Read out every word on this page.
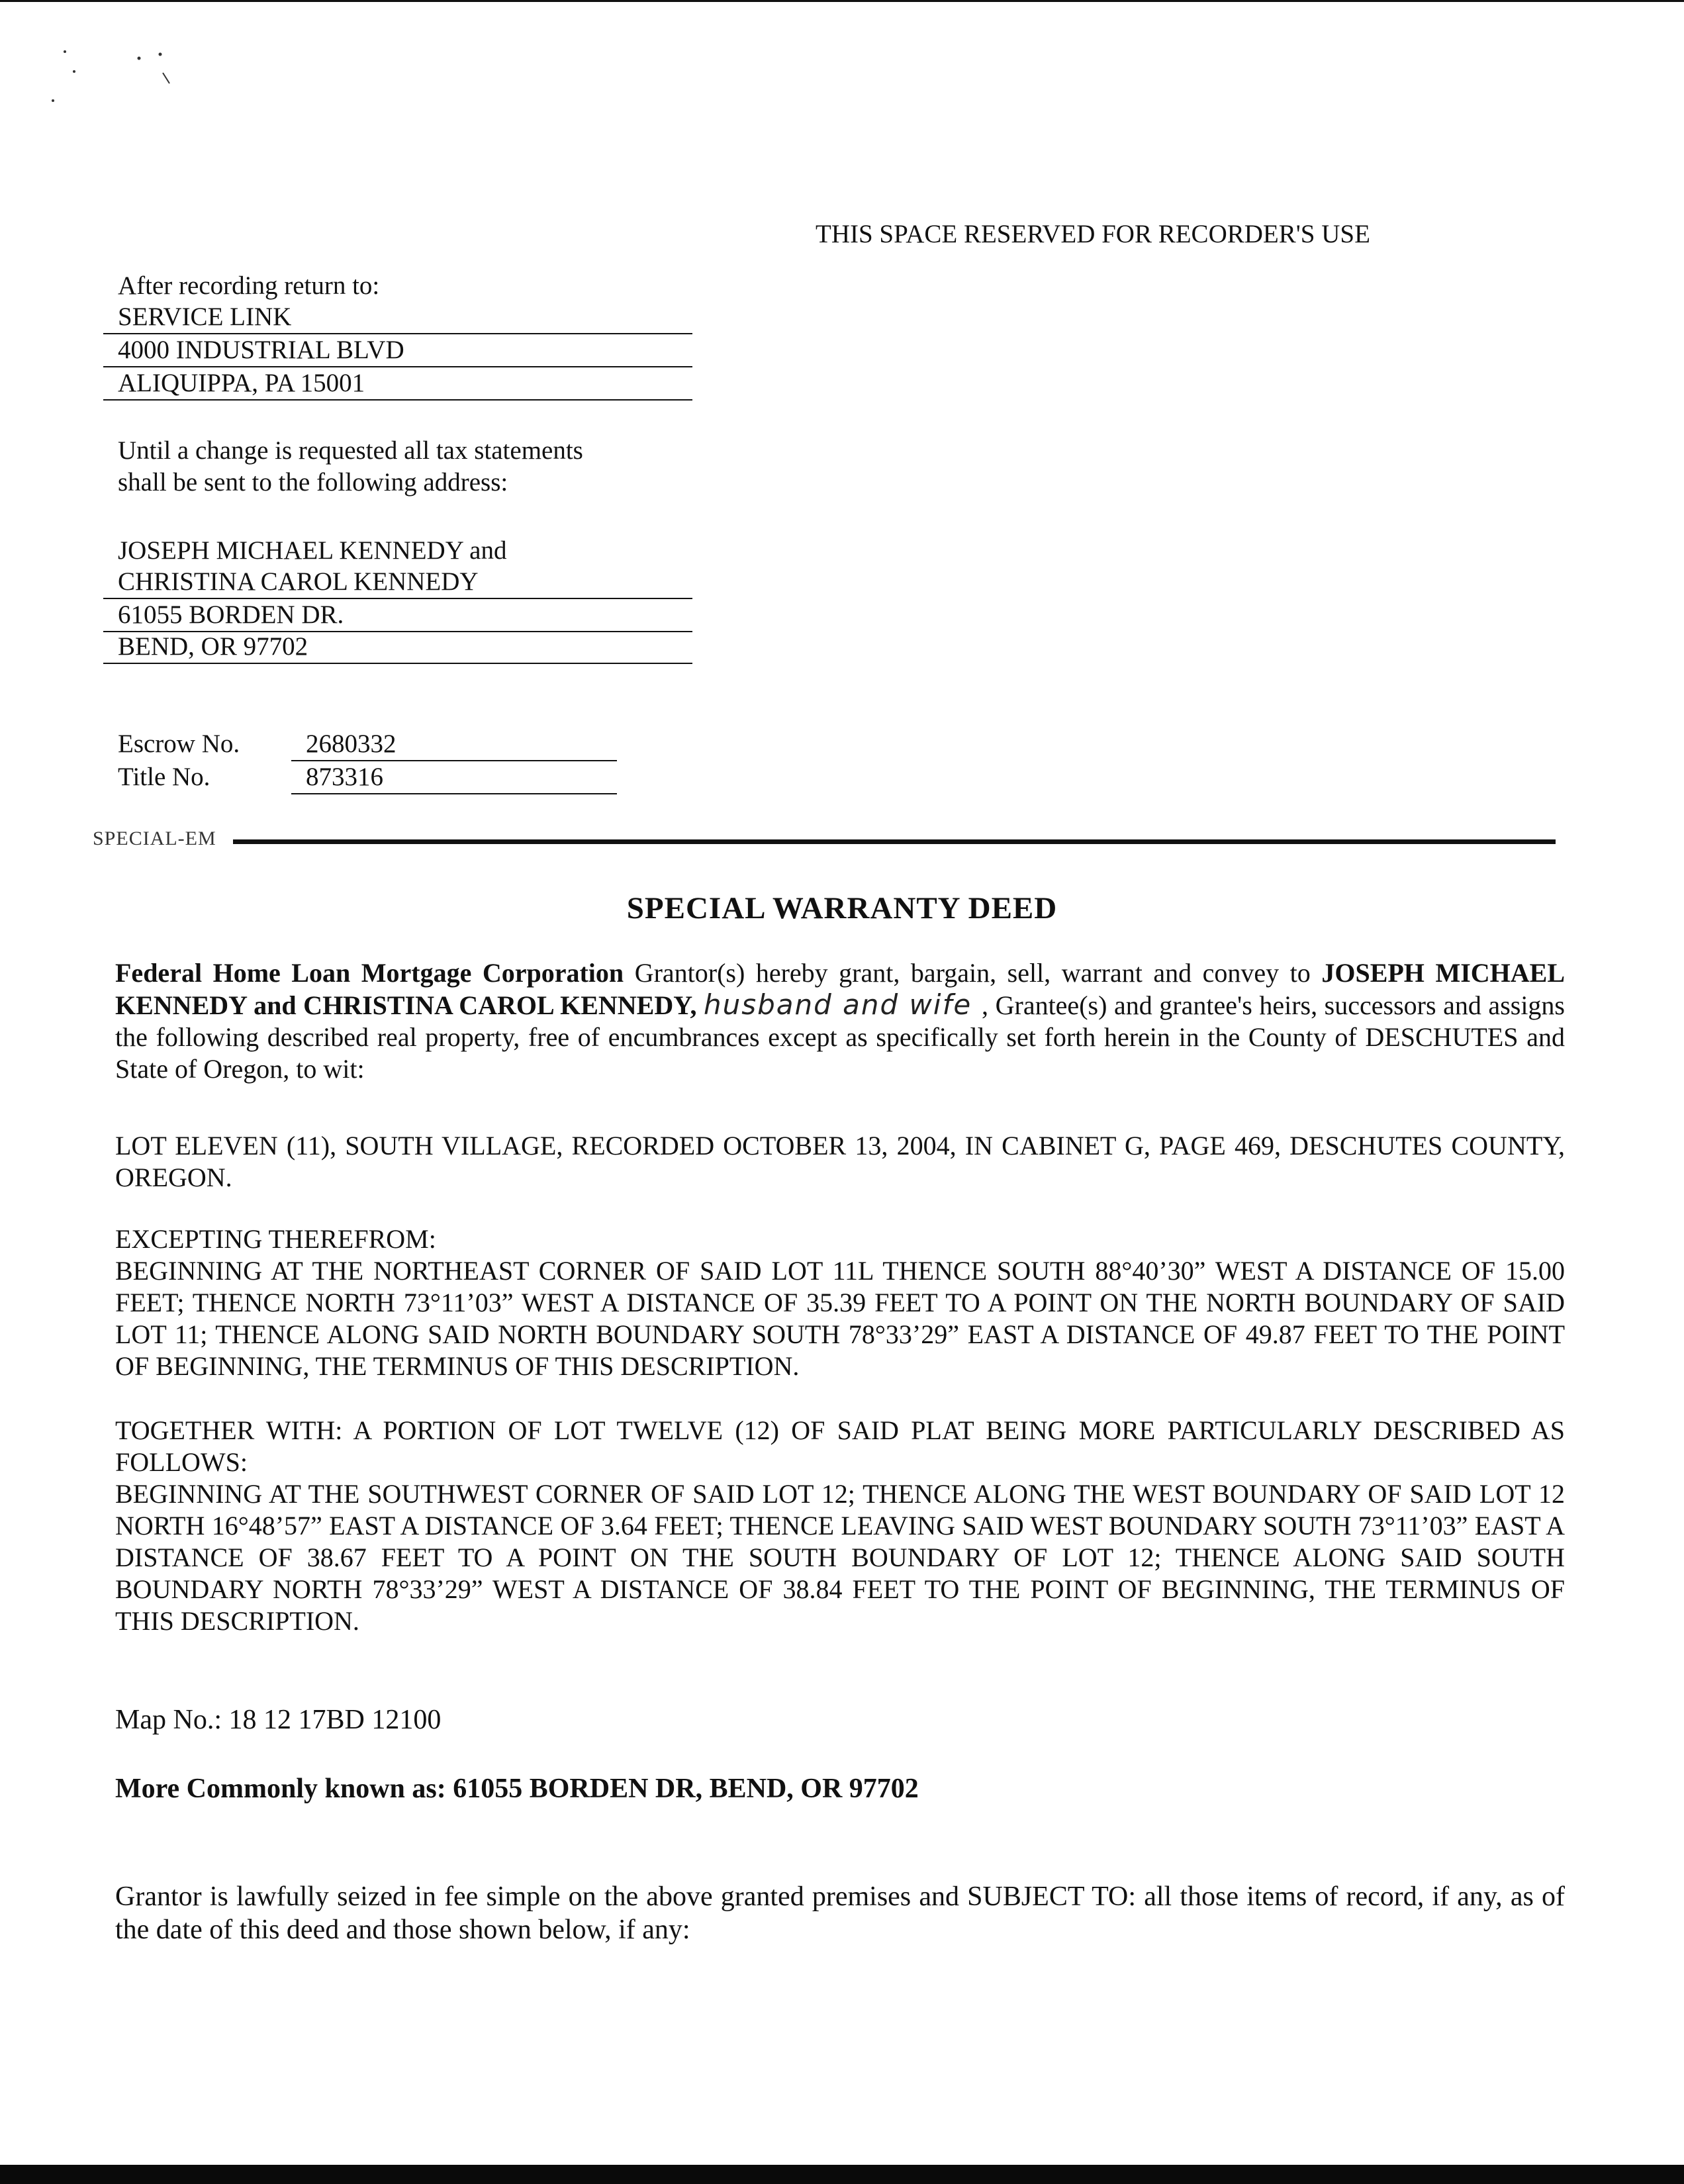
THIS SPACE RESERVED FOR RECORDER'S USE
After recording return to:
SERVICE LINK
4000 INDUSTRIAL BLVD
ALIQUIPPA, PA 15001
Until a change is requested all tax statements
shall be sent to the following address:
JOSEPH MICHAEL KENNEDY and
CHRISTINA CAROL KENNEDY
61055 BORDEN DR.
BEND, OR 97702
Escrow No.	2680332
Title No.	873316
SPECIAL-EM
SPECIAL WARRANTY DEED
Federal Home Loan Mortgage Corporation Grantor(s) hereby grant, bargain, sell, warrant and convey to JOSEPH MICHAEL KENNEDY and CHRISTINA CAROL KENNEDY, husband and wife , Grantee(s) and grantee's heirs, successors and assigns the following described real property, free of encumbrances except as specifically set forth herein in the County of DESCHUTES and State of Oregon, to wit:
LOT ELEVEN (11), SOUTH VILLAGE, RECORDED OCTOBER 13, 2004, IN CABINET G, PAGE 469, DESCHUTES COUNTY, OREGON.
EXCEPTING THEREFROM:
BEGINNING AT THE NORTHEAST CORNER OF SAID LOT 11L THENCE SOUTH 88°40’30” WEST A DISTANCE OF 15.00 FEET; THENCE NORTH 73°11’03” WEST A DISTANCE OF 35.39 FEET TO A POINT ON THE NORTH BOUNDARY OF SAID LOT 11; THENCE ALONG SAID NORTH BOUNDARY SOUTH 78°33’29” EAST A DISTANCE OF 49.87 FEET TO THE POINT OF BEGINNING, THE TERMINUS OF THIS DESCRIPTION.
TOGETHER WITH: A PORTION OF LOT TWELVE (12) OF SAID PLAT BEING MORE PARTICULARLY DESCRIBED AS FOLLOWS:
BEGINNING AT THE SOUTHWEST CORNER OF SAID LOT 12; THENCE ALONG THE WEST BOUNDARY OF SAID LOT 12 NORTH 16°48’57” EAST A DISTANCE OF 3.64 FEET; THENCE LEAVING SAID WEST BOUNDARY SOUTH 73°11’03” EAST A DISTANCE OF 38.67 FEET TO A POINT ON THE SOUTH BOUNDARY OF LOT 12; THENCE ALONG SAID SOUTH BOUNDARY NORTH 78°33’29” WEST A DISTANCE OF 38.84 FEET TO THE POINT OF BEGINNING, THE TERMINUS OF THIS DESCRIPTION.
Map No.: 18 12 17BD 12100
More Commonly known as: 61055 BORDEN DR, BEND, OR 97702
Grantor is lawfully seized in fee simple on the above granted premises and SUBJECT TO: all those items of record, if any, as of the date of this deed and those shown below, if any:
